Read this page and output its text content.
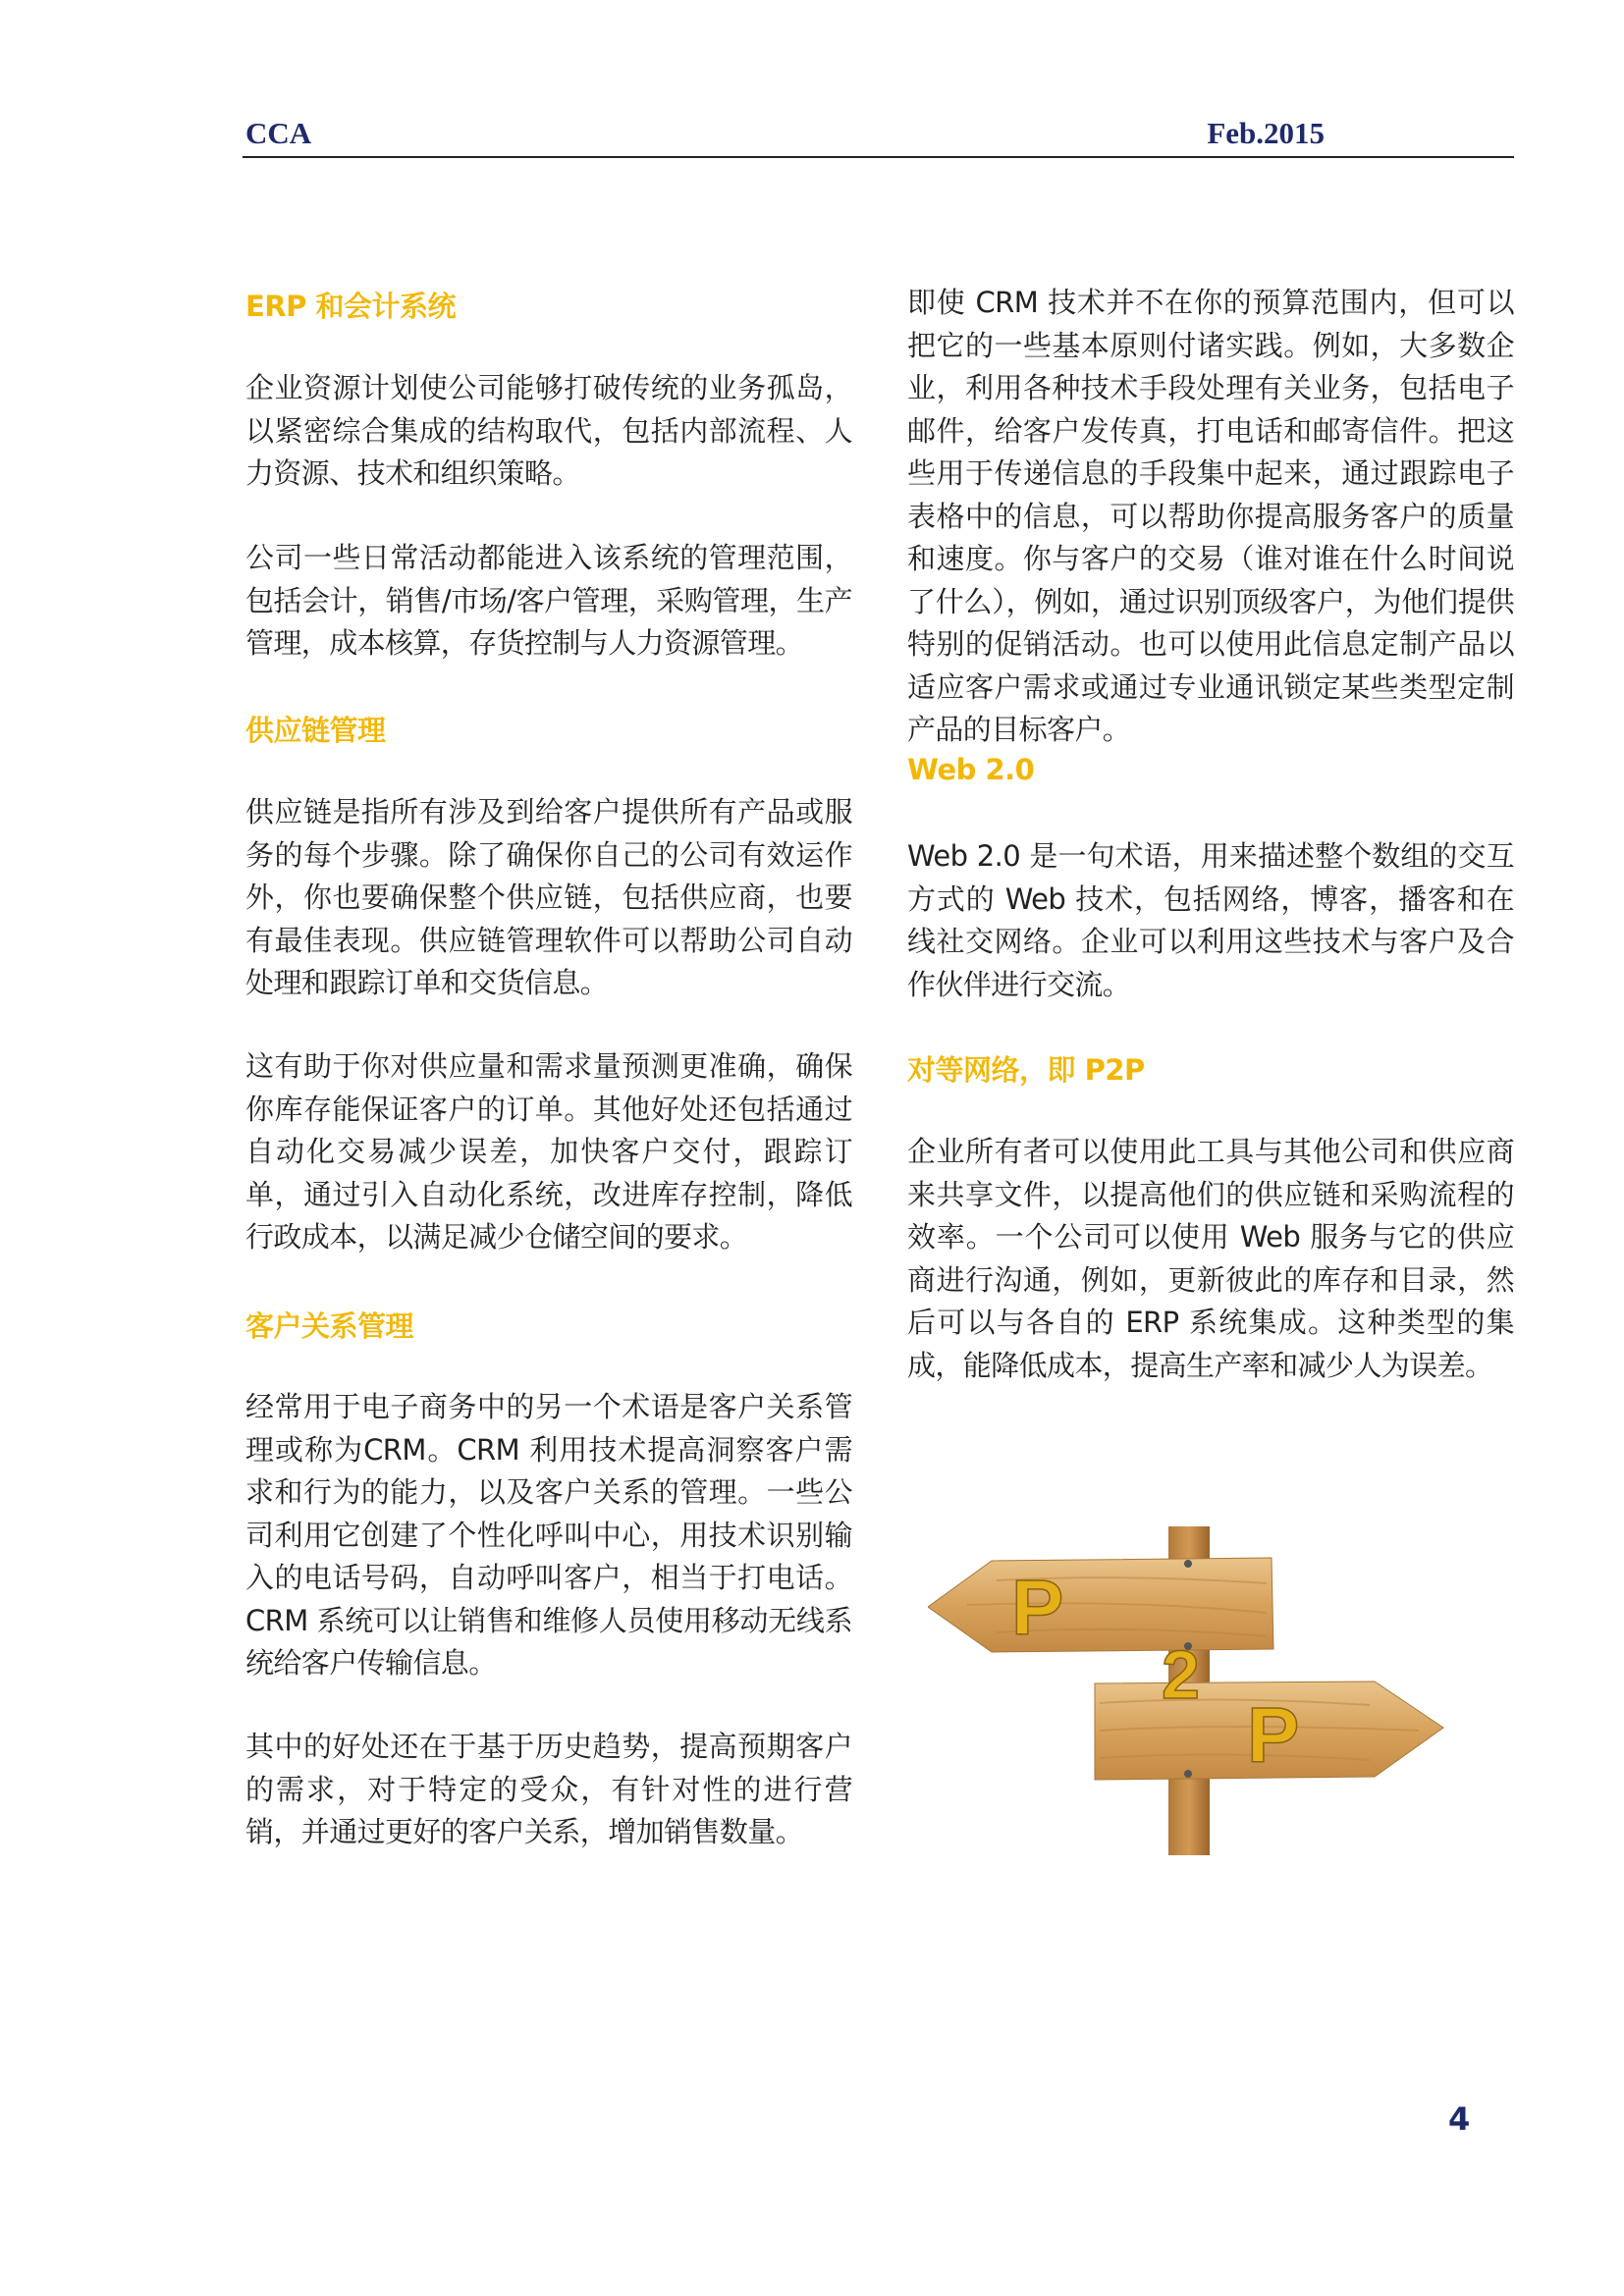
CCA	Feb.2015
ERP 和会计系统

企业资源计划使公司能够打破传统的业务孤岛，以紧密综合集成的结构取代，包括内部流程、人力资源、技术和组织策略。

公司一些日常活动都能进入该系统的管理范围，包括会计，销售/市场/客户管理，采购管理，生产管理，成本核算，存货控制与人力资源管理。

供应链管理

供应链是指所有涉及到给客户提供所有产品或服务的每个步骤。除了确保你自己的公司有效运作外，你也要确保整个供应链，包括供应商，也要有最佳表现。供应链管理软件可以帮助公司自动处理和跟踪订单和交货信息。

这有助于你对供应量和需求量预测更准确，确保你库存能保证客户的订单。其他好处还包括通过自动化交易减少误差，加快客户交付，跟踪订单，通过引入自动化系统，改进库存控制，降低行政成本，以满足减少仓储空间的要求。

客户关系管理

经常用于电子商务中的另一个术语是客户关系管理或称为CRM。CRM 利用技术提高洞察客户需求和行为的能力，以及客户关系的管理。一些公司利用它创建了个性化呼叫中心，用技术识别输入的电话号码，自动呼叫客户，相当于打电话。CRM 系统可以让销售和维修人员使用移动无线系统给客户传输信息。

其中的好处还在于基于历史趋势，提高预期客户的需求，对于特定的受众，有针对性的进行营销，并通过更好的客户关系，增加销售数量。

即使 CRM 技术并不在你的预算范围内，但可以把它的一些基本原则付诸实践。例如，大多数企业，利用各种技术手段处理有关业务，包括电子邮件，给客户发传真，打电话和邮寄信件。把这些用于传递信息的手段集中起来，通过跟踪电子表格中的信息，可以帮助你提高服务客户的质量和速度。你与客户的交易（谁对谁在什么时间说了什么），例如，通过识别顶级客户，为他们提供特别的促销活动。也可以使用此信息定制产品以适应客户需求或通过专业通讯锁定某些类型定制产品的目标客户。

Web 2.0

Web 2.0 是一句术语，用来描述整个数组的交互方式的 Web 技术，包括网络，博客，播客和在线社交网络。企业可以利用这些技术与客户及合作伙伴进行交流。

对等网络，即 P2P

企业所有者可以使用此工具与其他公司和供应商来共享文件，以提高他们的供应链和采购流程的效率。一个公司可以使用 Web 服务与它的供应商进行沟通，例如，更新彼此的库存和目录，然后可以与各自的 ERP 系统集成。这种类型的集成，能降低成本，提高生产率和减少人为误差。

P
2
P
4
